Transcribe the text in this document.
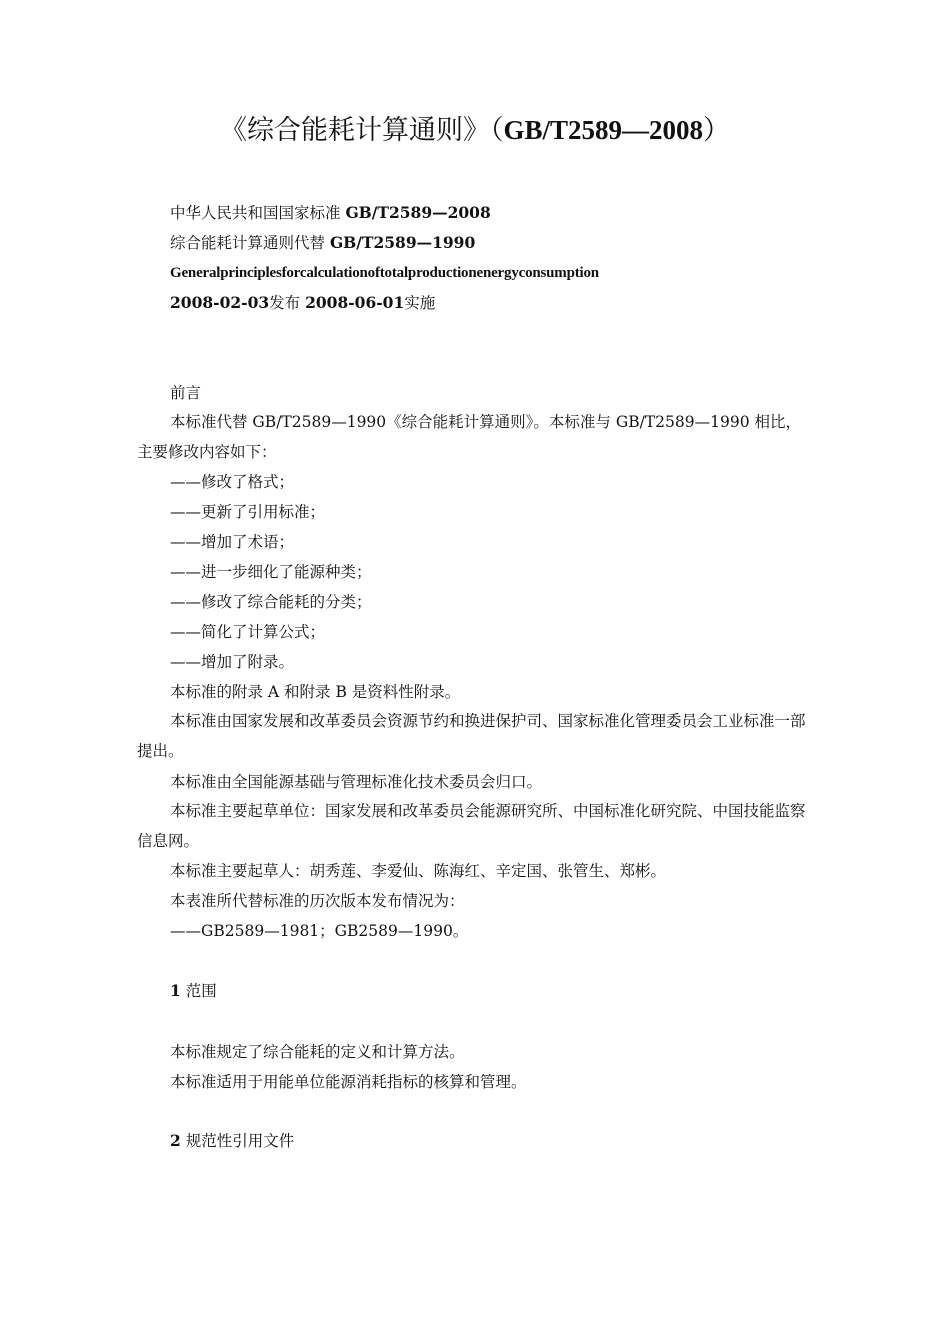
《综合能耗计算通则》（GB/T2589—2008）
中华人民共和国国家标准 GB/T2589—2008
综合能耗计算通则代替 GB/T2589—1990
Generalprinciplesforcalculationoftotalproductionenergyconsumption
2008-02-03发布 2008-06-01实施
前言

本标准代替 GB/T2589—1990《综合能耗计算通则》。本标准与 GB/T2589—1990 相比，主要修改内容如下：

——修改了格式；
——更新了引用标准；
——增加了术语；
——进一步细化了能源种类；
——修改了综合能耗的分类；
——简化了计算公式；
——增加了附录。
本标准的附录 A 和附录 B 是资料性附录。

本标准由国家发展和改革委员会资源节约和换进保护司、国家标准化管理委员会工业标准一部提出。

本标准由全国能源基础与管理标准化技术委员会归口。

本标准主要起草单位：国家发展和改革委员会能源研究所、中国标准化研究院、中国技能监察信息网。

本标准主要起草人：胡秀莲、李爱仙、陈海红、辛定国、张管生、郑彬。
本表准所代替标准的历次版本发布情况为：
——GB2589—1981；GB2589—1990。
1 范围
本标准规定了综合能耗的定义和计算方法。
本标准适用于用能单位能源消耗指标的核算和管理。
2 规范性引用文件
